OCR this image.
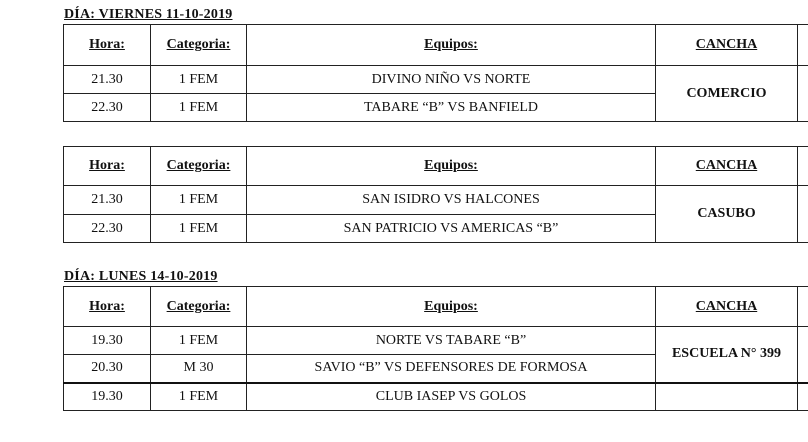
DÍA: VIERNES 11-10-2019
Hora:	Categoria:	Equipos:	CANCHA	
21.30	1 FEM	DIVINO NIÑO VS NORTE	COMERCIO	
22.30	1 FEM	TABARE “B” VS BANFIELD		
Hora:	Categoria:	Equipos:	CANCHA	
21.30	1 FEM	SAN ISIDRO VS HALCONES	CASUBO	
22.30	1 FEM	SAN PATRICIO VS AMERICAS “B”		
DÍA: LUNES 14-10-2019
Hora:	Categoria:	Equipos:	CANCHA	
19.30	1 FEM	NORTE VS TABARE “B”	ESCUELA N° 399	
20.30	M 30	SAVIO “B” VS DEFENSORES DE FORMOSA		
19.30	1 FEM	CLUB IASEP VS GOLOS		
